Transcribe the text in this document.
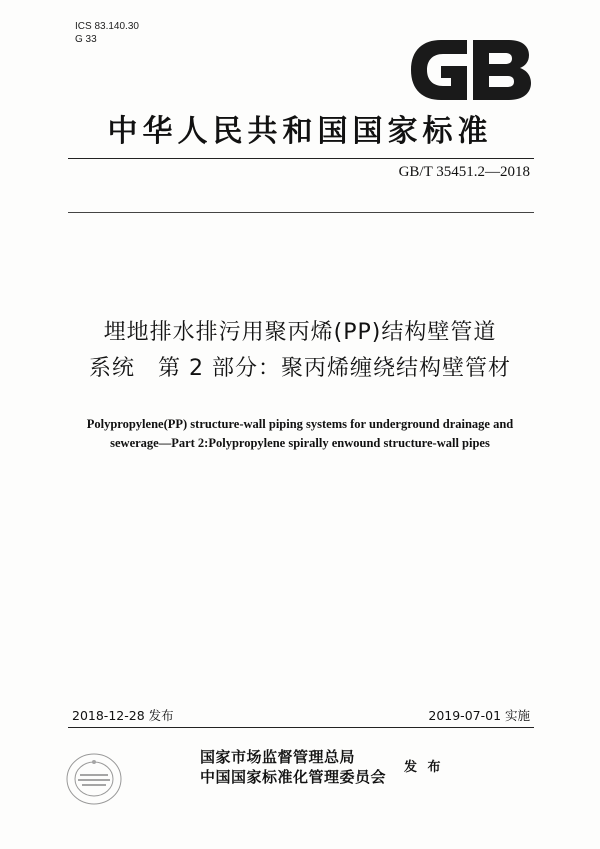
ICS 83.140.30
G 33
中华人民共和国国家标准
GB/T 35451.2—2018
埋地排水排污用聚丙烯(PP)结构壁管道
系统　第 2 部分：聚丙烯缠绕结构壁管材
Polypropylene(PP) structure-wall piping systems for underground drainage and
sewerage—Part 2:Polypropylene spirally enwound structure-wall pipes
2018-12-28 发布	2019-07-01 实施
国家市场监督管理总局
中国国家标准化管理委员会
发 布
